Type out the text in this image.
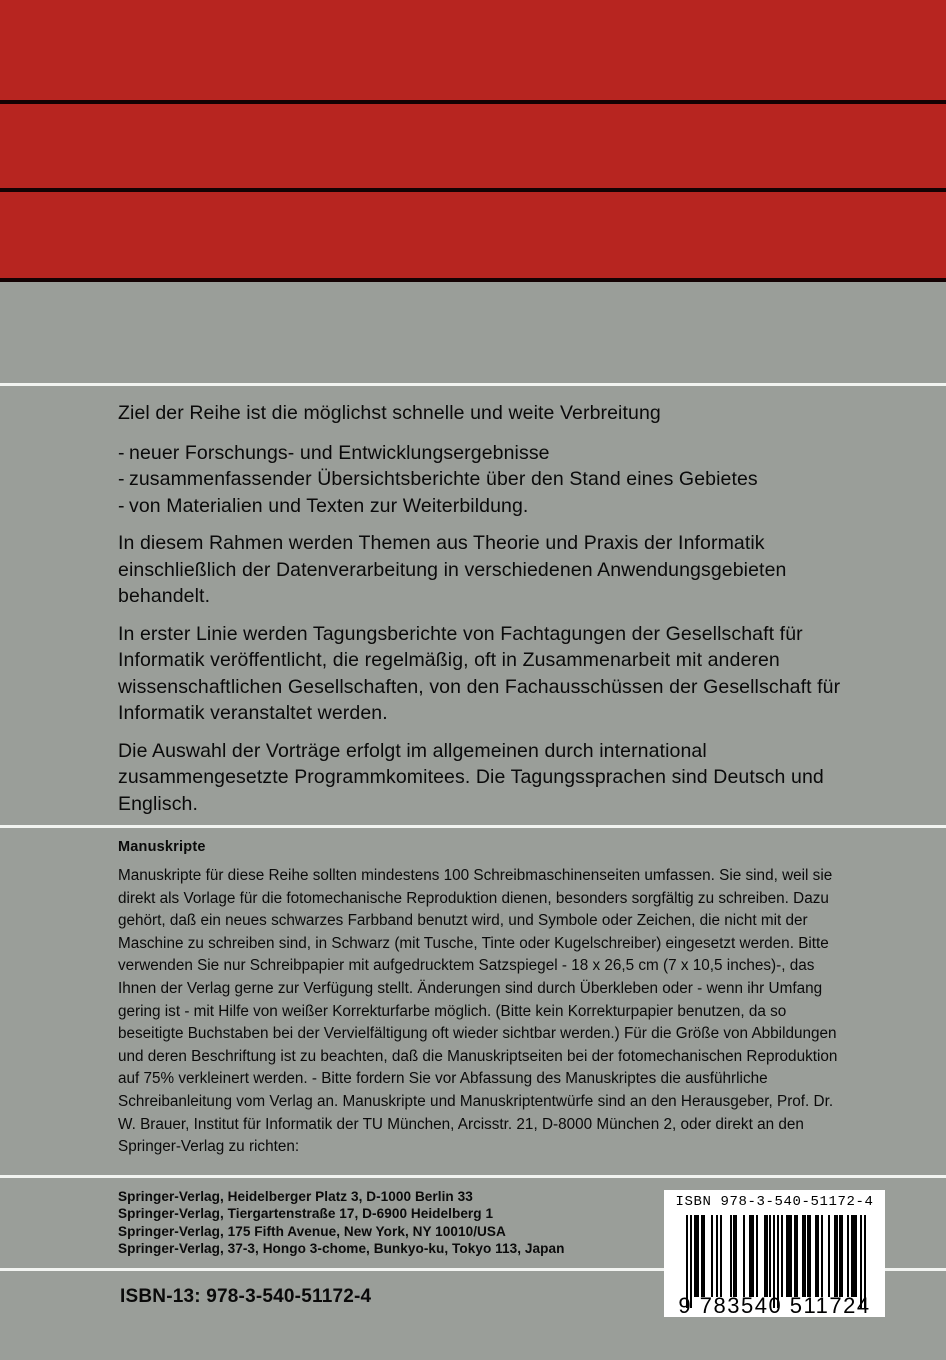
Ziel der Reihe ist die möglichst schnelle und weite Verbreitung

- neuer Forschungs- und Entwicklungsergebnisse

- zusammenfassender Übersichtsberichte über den Stand eines Gebietes

- von Materialien und Texten zur Weiterbildung.

In diesem Rahmen werden Themen aus Theorie und Praxis der Informatik einschließlich der Datenverarbeitung in verschiedenen Anwendungsgebieten behandelt.

In erster Linie werden Tagungsberichte von Fachtagungen der Gesellschaft für Informatik veröffentlicht, die regelmäßig, oft in Zusammenarbeit mit anderen wissenschaftlichen Gesellschaften, von den Fachausschüssen der Gesellschaft für Informatik veranstaltet werden.

Die Auswahl der Vorträge erfolgt im allgemeinen durch international zusammengesetzte Programmkomitees. Die Tagungssprachen sind Deutsch und Englisch.

Manuskripte

Manuskripte für diese Reihe sollten mindestens 100 Schreibmaschinenseiten umfassen. Sie sind, weil sie direkt als Vorlage für die fotomechanische Reproduktion dienen, besonders sorgfältig zu schreiben. Dazu gehört, daß ein neues schwarzes Farbband benutzt wird, und Symbole oder Zeichen, die nicht mit der Maschine zu schreiben sind, in Schwarz (mit Tusche, Tinte oder Kugelschreiber) eingesetzt werden. Bitte verwenden Sie nur Schreibpapier mit aufgedrucktem Satzspiegel - 18 x 26,5 cm (7 x 10,5 inches)-, das Ihnen der Verlag gerne zur Verfügung stellt. Änderungen sind durch Überkleben oder - wenn ihr Umfang gering ist - mit Hilfe von weißer Korrekturfarbe möglich. (Bitte kein Korrekturpapier benutzen, da so beseitigte Buchstaben bei der Vervielfältigung oft wieder sichtbar werden.) Für die Größe von Abbildungen und deren Beschriftung ist zu beachten, daß die Manuskriptseiten bei der fotomechanischen Reproduktion auf 75% verkleinert werden. - Bitte fordern Sie vor Abfassung des Manuskriptes die ausführliche Schreibanleitung vom Verlag an. Manuskripte und Manuskriptentwürfe sind an den Herausgeber, Prof. Dr. W. Brauer, Institut für Informatik der TU München, Arcisstr. 21, D-8000 München 2, oder direkt an den Springer-Verlag zu richten:

Springer-Verlag, Heidelberger Platz 3, D-1000 Berlin 33
Springer-Verlag, Tiergartenstraße 17, D-6900 Heidelberg 1
Springer-Verlag, 175 Fifth Avenue, New York, NY 10010/USA
Springer-Verlag, 37-3, Hongo 3-chome, Bunkyo-ku, Tokyo 113, Japan
ISBN-13: 978-3-540-51172-4
ISBN 978-3-540-51172-4
9 783540 511724
